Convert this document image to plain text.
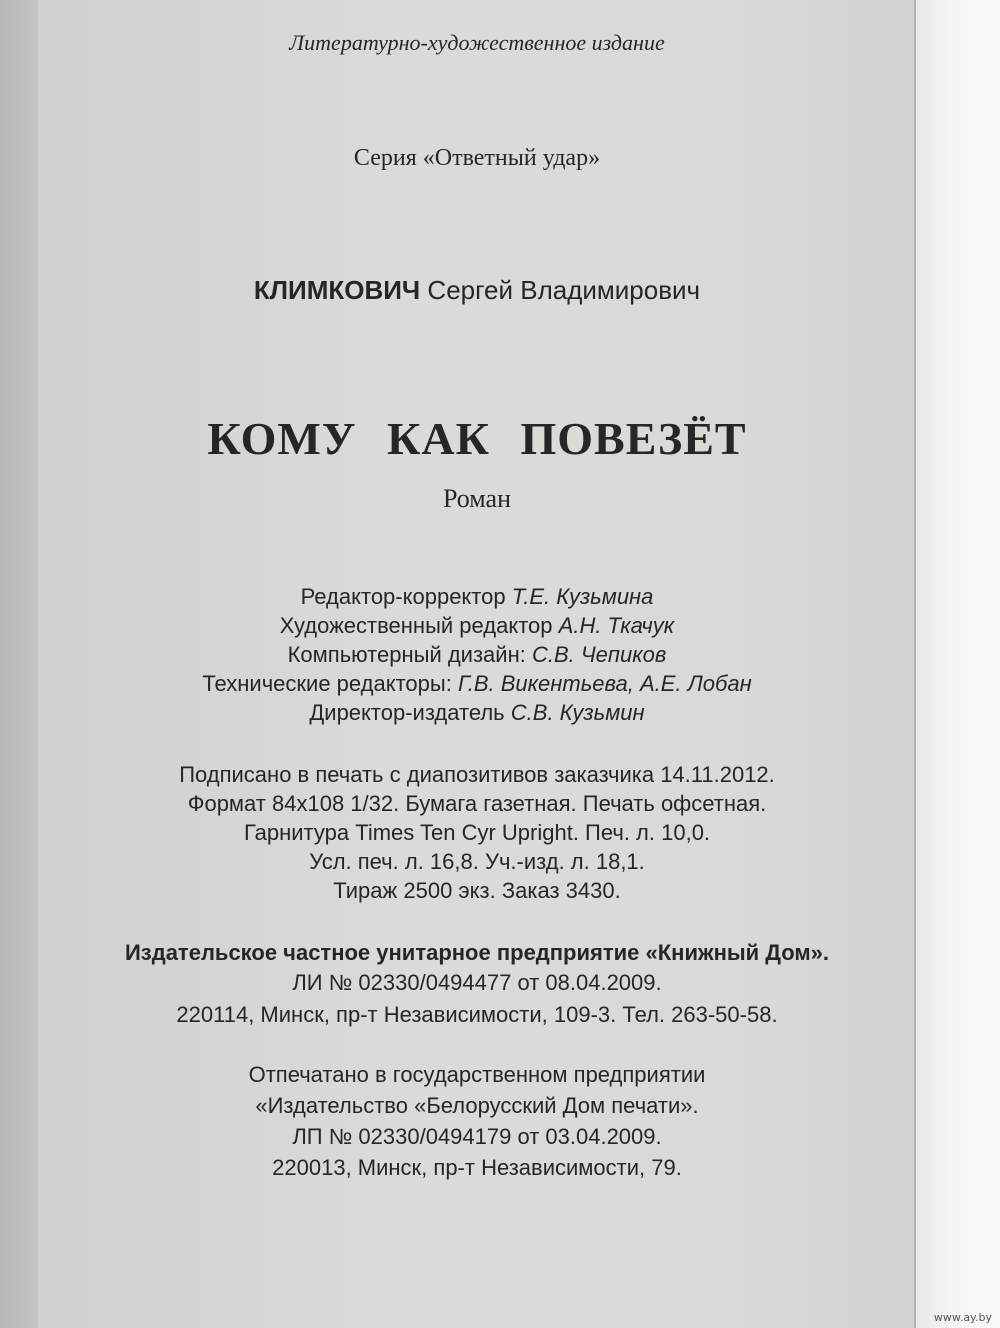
Литературно-художественное издание
Серия «Ответный удар»
КЛИМКОВИЧ Сергей Владимирович
КОМУ КАК ПОВЕЗЁТ
Роман
Редактор-корректор Т.Е. Кузьмина
Художественный редактор А.Н. Ткачук
Компьютерный дизайн: С.В. Чепиков
Технические редакторы: Г.В. Викентьева, А.Е. Лобан
Директор-издатель С.В. Кузьмин
Подписано в печать с диапозитивов заказчика 14.11.2012.
Формат 84x108 1/32. Бумага газетная. Печать офсетная.
Гарнитура Times Ten Cyr Upright. Печ. л. 10,0.
Усл. печ. л. 16,8. Уч.-изд. л. 18,1.
Тираж 2500 экз. Заказ 3430.
Издательское частное унитарное предприятие «Книжный Дом».
ЛИ № 02330/0494477 от 08.04.2009.
220114, Минск, пр-т Независимости, 109-3. Тел. 263-50-58.
Отпечатано в государственном предприятии
«Издательство «Белорусский Дом печати».
ЛП № 02330/0494179 от 03.04.2009.
220013, Минск, пр-т Независимости, 79.
www.ay.by
